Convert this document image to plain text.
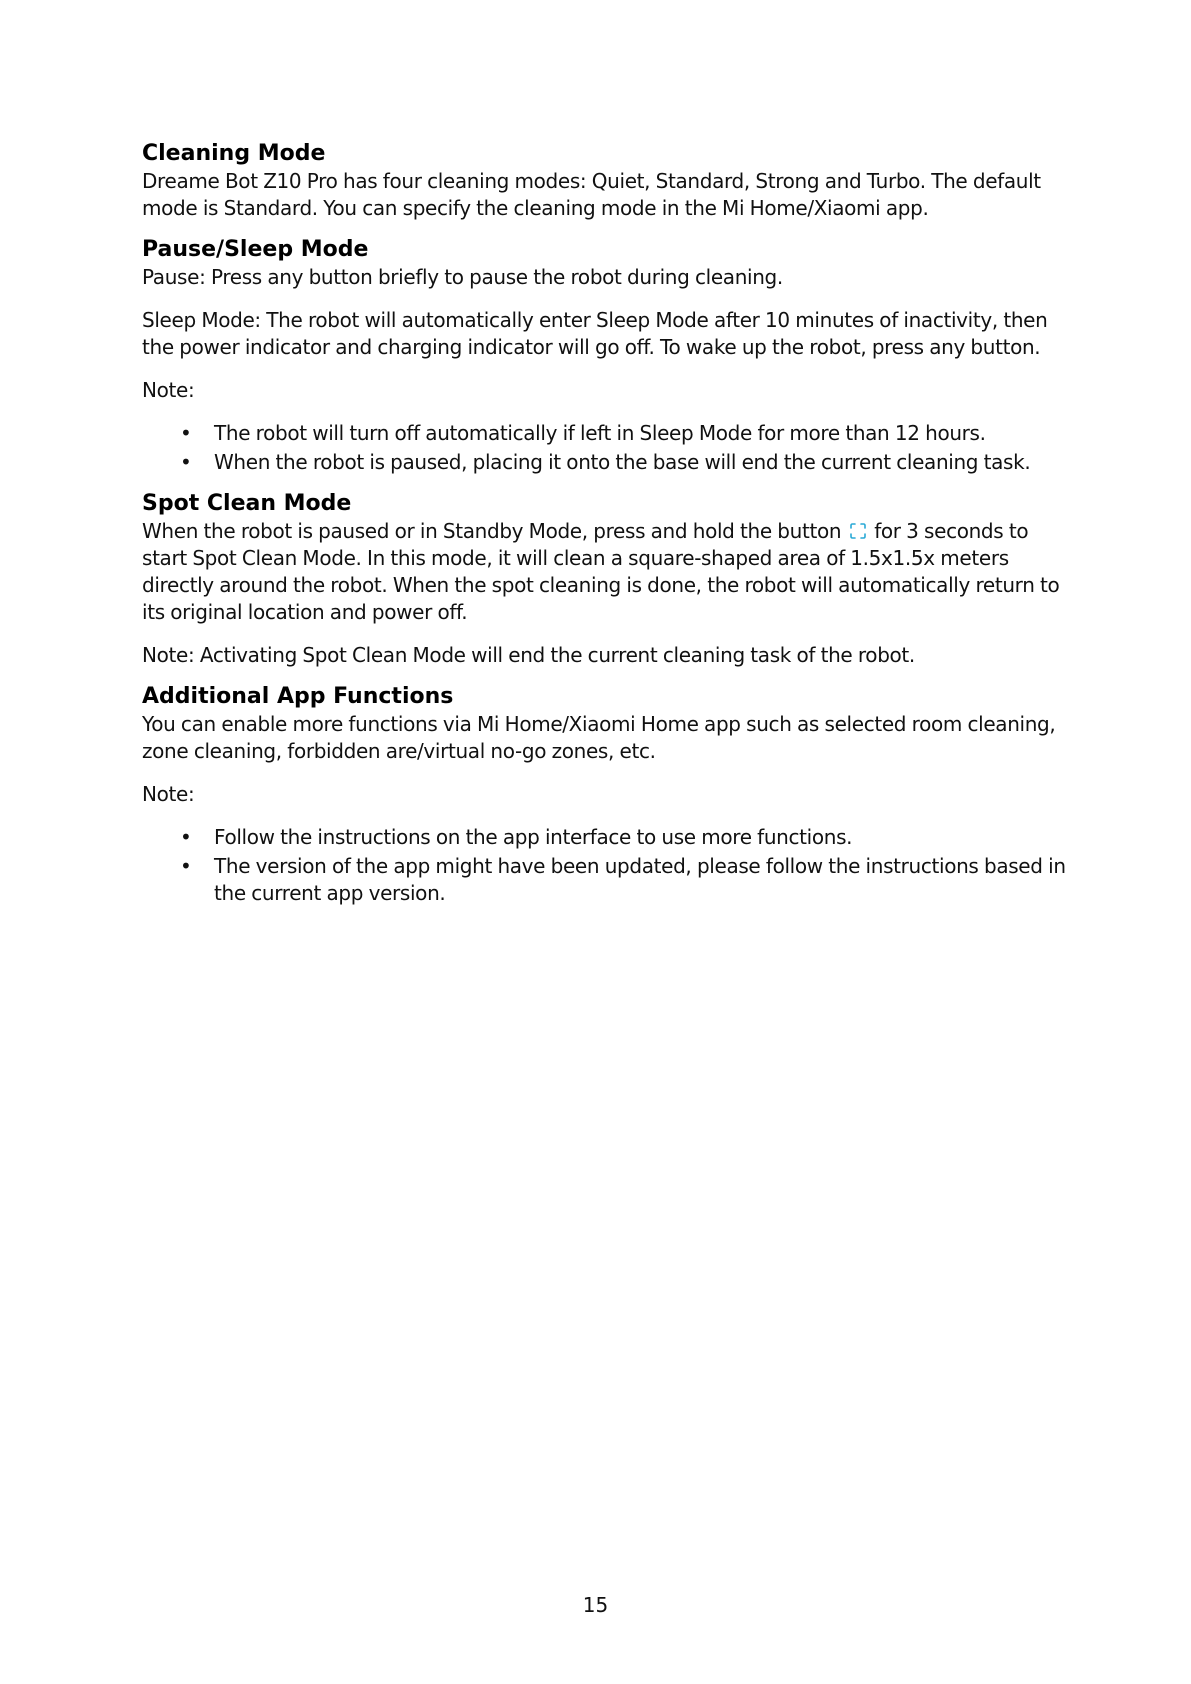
Cleaning Mode

Dreame Bot Z10 Pro has four cleaning modes: Quiet, Standard, Strong and Turbo. The default mode is Standard. You can specify the cleaning mode in the Mi Home/Xiaomi app.

Pause/Sleep Mode

Pause: Press any button briefly to pause the robot during cleaning.

Sleep Mode: The robot will automatically enter Sleep Mode after 10 minutes of inactivity, then the power indicator and charging indicator will go off. To wake up the robot, press any button.

Note:

• The robot will turn off automatically if left in Sleep Mode for more than 12 hours.
• When the robot is paused, placing it onto the base will end the current cleaning task.
Spot Clean Mode

When the robot is paused or in Standby Mode, press and hold the button for 3 seconds to start Spot Clean Mode. In this mode, it will clean a square-shaped area of 1.5x1.5x meters directly around the robot. When the spot cleaning is done, the robot will automatically return to its original location and power off.

Note: Activating Spot Clean Mode will end the current cleaning task of the robot.

Additional App Functions

You can enable more functions via Mi Home/Xiaomi Home app such as selected room cleaning, zone cleaning, forbidden are/virtual no-go zones, etc.

Note:

• Follow the instructions on the app interface to use more functions.
• The version of the app might have been updated, please follow the instructions based in the current app version.
15
